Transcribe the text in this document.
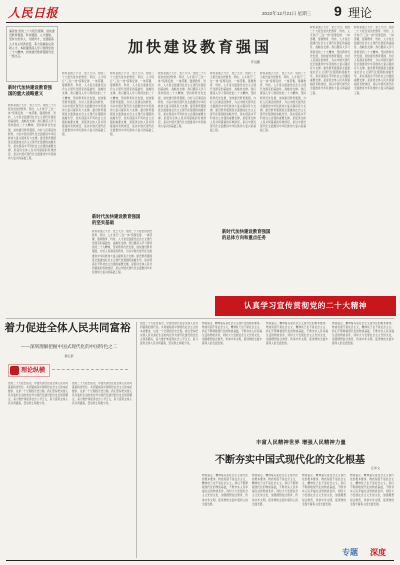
人民日报	2022年12月21日 星期三 9 理论
编者按 党的二十大报告强调，加快建设教育强国、科技强国、人才强国，坚持为党育人、为国育才，全面提高人才自主培养质量，着力造就拔尖创新人才。本版围绕深入学习贯彻党的二十大精神、加快建设教育强国刊发一组文章。
加快建设教育强国
怀进鹏
新时代加快建设教育强国的重大战略意义
新时代加快建设教育强国的坚实基础
新时代加快建设教育强国的总体方向和重点任务
教育是国之大计、党之大计。党的二十大报告首次把教育、科技、人才进行“三位一体”统筹安排、一体部署，强调教育、科技、人才是全面建设社会主义现代化国家的基础性、战略性支撑。我们要深入学习贯彻党的二十大精神，坚持教育优先发展，加快建设教育强国，办好人民满意的教育，为以中国式现代化全面推进中华民族伟大复兴提供有力支撑。建设教育强国是全面建成社会主义现代化强国的战略先导，是实现高水平科技自立自强的重要支撑，是促进全体人民共同富裕的有效途径，是以中国式现代化全面推进中华民族伟大复兴的基础工程。
教育是国之大计、党之大计。党的二十大报告首次把教育、科技、人才进行“三位一体”统筹安排、一体部署，强调教育、科技、人才是全面建设社会主义现代化国家的基础性、战略性支撑。我们要深入学习贯彻党的二十大精神，坚持教育优先发展，加快建设教育强国，办好人民满意的教育，为以中国式现代化全面推进中华民族伟大复兴提供有力支撑。建设教育强国是全面建成社会主义现代化强国的战略先导，是实现高水平科技自立自强的重要支撑，是促进全体人民共同富裕的有效途径，是以中国式现代化全面推进中华民族伟大复兴的基础工程。
教育是国之大计、党之大计。党的二十大报告首次把教育、科技、人才进行“三位一体”统筹安排、一体部署，强调教育、科技、人才是全面建设社会主义现代化国家的基础性、战略性支撑。我们要深入学习贯彻党的二十大精神，坚持教育优先发展，加快建设教育强国，办好人民满意的教育，为以中国式现代化全面推进中华民族伟大复兴提供有力支撑。建设教育强国是全面建成社会主义现代化强国的战略先导，是实现高水平科技自立自强的重要支撑，是促进全体人民共同富裕的有效途径，是以中国式现代化全面推进中华民族伟大复兴的基础工程。
教育是国之大计、党之大计。党的二十大报告首次把教育、科技、人才进行“三位一体”统筹安排、一体部署，强调教育、科技、人才是全面建设社会主义现代化国家的基础性、战略性支撑。我们要深入学习贯彻党的二十大精神，坚持教育优先发展，加快建设教育强国，办好人民满意的教育，为以中国式现代化全面推进中华民族伟大复兴提供有力支撑。建设教育强国是全面建成社会主义现代化强国的战略先导，是实现高水平科技自立自强的重要支撑，是促进全体人民共同富裕的有效途径，是以中国式现代化全面推进中华民族伟大复兴的基础工程。
教育是国之大计、党之大计。党的二十大报告首次把教育、科技、人才进行“三位一体”统筹安排、一体部署，强调教育、科技、人才是全面建设社会主义现代化国家的基础性、战略性支撑。我们要深入学习贯彻党的二十大精神，坚持教育优先发展，加快建设教育强国，办好人民满意的教育，为以中国式现代化全面推进中华民族伟大复兴提供有力支撑。建设教育强国是全面建成社会主义现代化强国的战略先导，是实现高水平科技自立自强的重要支撑，是促进全体人民共同富裕的有效途径，是以中国式现代化全面推进中华民族伟大复兴的基础工程。
教育是国之大计、党之大计。党的二十大报告首次把教育、科技、人才进行“三位一体”统筹安排、一体部署，强调教育、科技、人才是全面建设社会主义现代化国家的基础性、战略性支撑。我们要深入学习贯彻党的二十大精神，坚持教育优先发展，加快建设教育强国，办好人民满意的教育，为以中国式现代化全面推进中华民族伟大复兴提供有力支撑。建设教育强国是全面建成社会主义现代化强国的战略先导，是实现高水平科技自立自强的重要支撑，是促进全体人民共同富裕的有效途径，是以中国式现代化全面推进中华民族伟大复兴的基础工程。
教育是国之大计、党之大计。党的二十大报告首次把教育、科技、人才进行“三位一体”统筹安排、一体部署，强调教育、科技、人才是全面建设社会主义现代化国家的基础性、战略性支撑。我们要深入学习贯彻党的二十大精神，坚持教育优先发展，加快建设教育强国，办好人民满意的教育，为以中国式现代化全面推进中华民族伟大复兴提供有力支撑。建设教育强国是全面建成社会主义现代化强国的战略先导，是实现高水平科技自立自强的重要支撑，是促进全体人民共同富裕的有效途径，是以中国式现代化全面推进中华民族伟大复兴的基础工程。
教育是国之大计、党之大计。党的二十大报告首次把教育、科技、人才进行“三位一体”统筹安排、一体部署，强调教育、科技、人才是全面建设社会主义现代化国家的基础性、战略性支撑。我们要深入学习贯彻党的二十大精神，坚持教育优先发展，加快建设教育强国，办好人民满意的教育，为以中国式现代化全面推进中华民族伟大复兴提供有力支撑。建设教育强国是全面建成社会主义现代化强国的战略先导，是实现高水平科技自立自强的重要支撑，是促进全体人民共同富裕的有效途径，是以中国式现代化全面推进中华民族伟大复兴的基础工程。
教育是国之大计、党之大计。党的二十大报告首次把教育、科技、人才进行“三位一体”统筹安排、一体部署，强调教育、科技、人才是全面建设社会主义现代化国家的基础性、战略性支撑。我们要深入学习贯彻党的二十大精神，坚持教育优先发展，加快建设教育强国，办好人民满意的教育，为以中国式现代化全面推进中华民族伟大复兴提供有力支撑。建设教育强国是全面建成社会主义现代化强国的战略先导，是实现高水平科技自立自强的重要支撑，是促进全体人民共同富裕的有效途径，是以中国式现代化全面推进中华民族伟大复兴的基础工程。
认真学习宣传贯彻党的二十大精神
着力促进全体人民共同富裕
——深刻理解把握中国式现代化的中国特色之二
魏礼群
理论纵横
党的二十大报告指出，中国式现代化是全体人民共同富裕的现代化。共同富裕是中国特色社会主义的本质要求，也是一个长期的历史过程。我们坚持把实现人民对美好生活的向往作为现代化建设的出发点和落脚点，着力维护和促进社会公平正义，着力促进全体人民共同富裕，坚决防止两极分化。
党的二十大报告指出，中国式现代化是全体人民共同富裕的现代化。共同富裕是中国特色社会主义的本质要求，也是一个长期的历史过程。我们坚持把实现人民对美好生活的向往作为现代化建设的出发点和落脚点，着力维护和促进社会公平正义，着力促进全体人民共同富裕，坚决防止两极分化。
党的二十大报告指出，中国式现代化是全体人民共同富裕的现代化。共同富裕是中国特色社会主义的本质要求，也是一个长期的历史过程。我们坚持把实现人民对美好生活的向往作为现代化建设的出发点和落脚点，着力维护和促进社会公平正义，着力促进全体人民共同富裕，坚决防止两极分化。
物质富足、精神富有是社会主义现代化的根本要求。物质贫困不是社会主义，精神贫乏也不是社会主义。我们不断厚植现代化的物质基础，不断夯实人民幸福生活的物质条件，同时大力发展社会主义先进文化，加强理想信念教育，传承中华文明，促进物的全面丰富和人的全面发展。
物质富足、精神富有是社会主义现代化的根本要求。物质贫困不是社会主义，精神贫乏也不是社会主义。我们不断厚植现代化的物质基础，不断夯实人民幸福生活的物质条件，同时大力发展社会主义先进文化，加强理想信念教育，传承中华文明，促进物的全面丰富和人的全面发展。
物质富足、精神富有是社会主义现代化的根本要求。物质贫困不是社会主义，精神贫乏也不是社会主义。我们不断厚植现代化的物质基础，不断夯实人民幸福生活的物质条件，同时大力发展社会主义先进文化，加强理想信念教育，传承中华文明，促进物的全面丰富和人的全面发展。
丰富人民精神世界 增强人民精神力量
不断夯实中国式现代化的文化根基
任仲文
物质富足、精神富有是社会主义现代化的根本要求。物质贫困不是社会主义，精神贫乏也不是社会主义。我们不断厚植现代化的物质基础，不断夯实人民幸福生活的物质条件，同时大力发展社会主义先进文化，加强理想信念教育，传承中华文明，促进物的全面丰富和人的全面发展。
物质富足、精神富有是社会主义现代化的根本要求。物质贫困不是社会主义，精神贫乏也不是社会主义。我们不断厚植现代化的物质基础，不断夯实人民幸福生活的物质条件，同时大力发展社会主义先进文化，加强理想信念教育，传承中华文明，促进物的全面丰富和人的全面发展。
物质富足、精神富有是社会主义现代化的根本要求。物质贫困不是社会主义，精神贫乏也不是社会主义。我们不断厚植现代化的物质基础，不断夯实人民幸福生活的物质条件，同时大力发展社会主义先进文化，加强理想信念教育，传承中华文明，促进物的全面丰富和人的全面发展。
物质富足、精神富有是社会主义现代化的根本要求。物质贫困不是社会主义，精神贫乏也不是社会主义。我们不断厚植现代化的物质基础，不断夯实人民幸福生活的物质条件，同时大力发展社会主义先进文化，加强理想信念教育，传承中华文明，促进物的全面丰富和人的全面发展。
专题 深度
